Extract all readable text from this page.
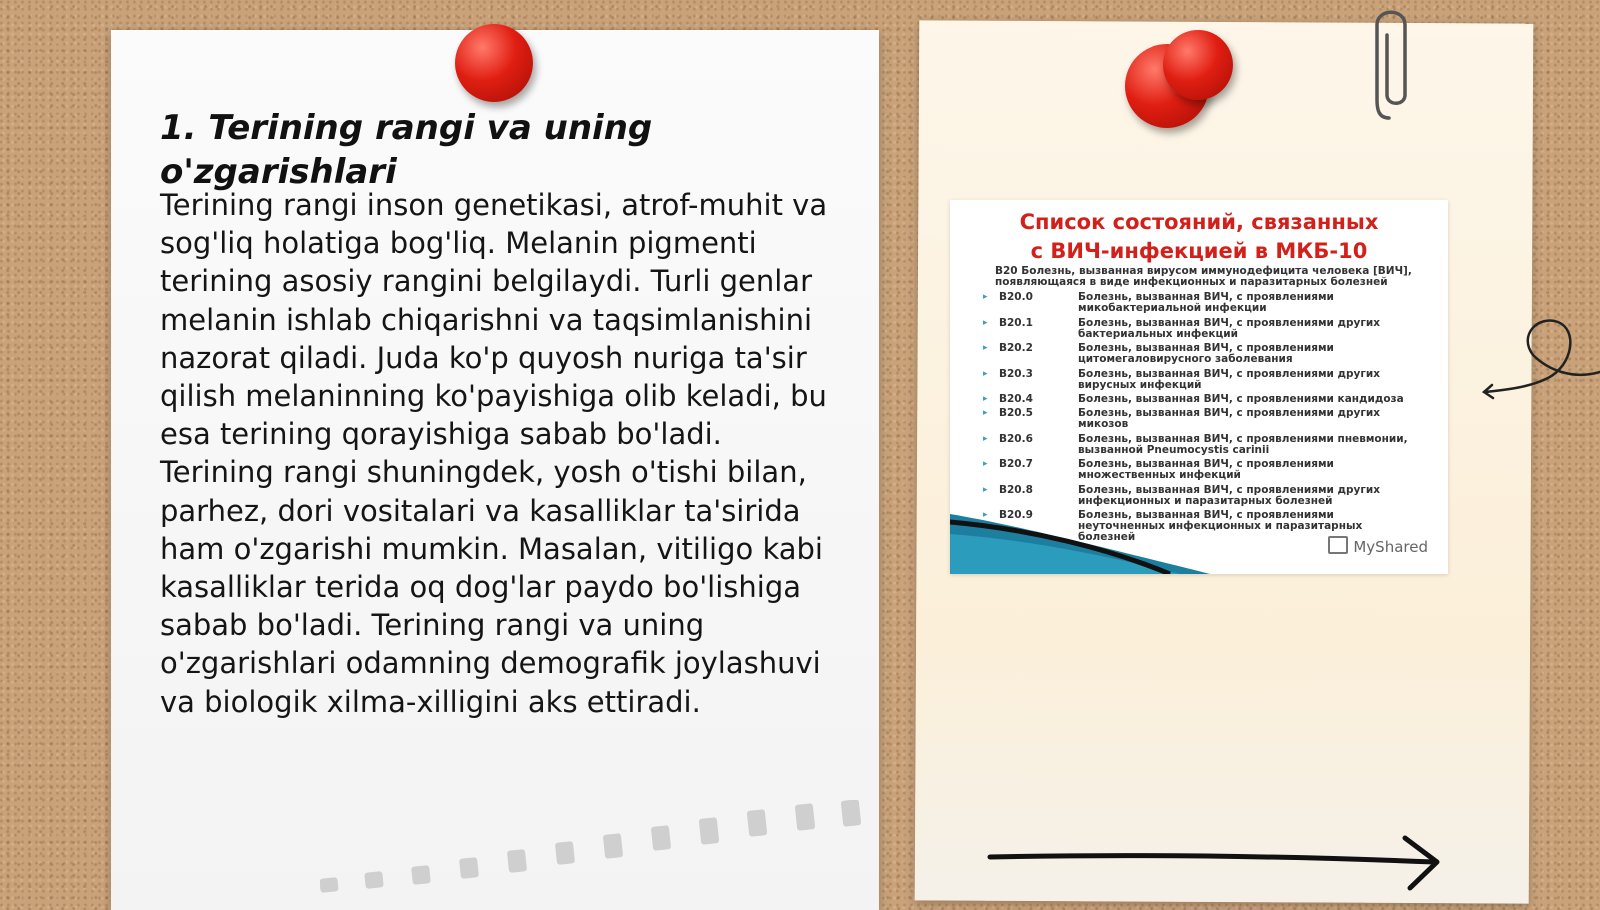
1. Terining rangi va uning o'zgarishlari

Terining rangi inson genetikasi, atrof-muhit va sog'liq holatiga bog'liq. Melanin pigmenti terining asosiy rangini belgilaydi. Turli genlar melanin ishlab chiqarishni va taqsimlanishini nazorat qiladi. Juda ko'p quyosh nuriga ta'sir qilish melaninning ko'payishiga olib keladi, bu esa terining qorayishiga sabab bo'ladi. Terining rangi shuningdek, yosh o'tishi bilan, parhez, dori vositalari va kasalliklar ta'sirida ham o'zgarishi mumkin. Masalan, vitiligo kabi kasalliklar terida oq dog'lar paydo bo'lishiga sabab bo'ladi. Terining rangi va uning o'zgarishlari odamning demografik joylashuvi va biologik xilma-xilligini aks ettiradi.

Список состояний, связанных
с ВИЧ-инфекцией в МКБ-10
B20 Болезнь, вызванная вирусом иммунодефицита человека [ВИЧ], появляющаяся в виде инфекционных и паразитарных болезней
▸ B20.0	Болезнь, вызванная ВИЧ, с проявлениями микобактериальной инфекции
▸ B20.1	Болезнь, вызванная ВИЧ, с проявлениями других бактериальных инфекций
▸ B20.2	Болезнь, вызванная ВИЧ, с проявлениями цитомегаловирусного заболевания
▸ B20.3	Болезнь, вызванная ВИЧ, с проявлениями других вирусных инфекций
▸ B20.4	Болезнь, вызванная ВИЧ, с проявлениями кандидоза
▸ B20.5	Болезнь, вызванная ВИЧ, с проявлениями других микозов
▸ B20.6	Болезнь, вызванная ВИЧ, с проявлениями пневмонии, вызванной Pneumocystis carinii
▸ B20.7	Болезнь, вызванная ВИЧ, с проявлениями множественных инфекций
▸ B20.8	Болезнь, вызванная ВИЧ, с проявлениями других инфекционных и паразитарных болезней
▸ B20.9	Болезнь, вызванная ВИЧ, с проявлениями неуточненных инфекционных и паразитарных болезней
MyShared
